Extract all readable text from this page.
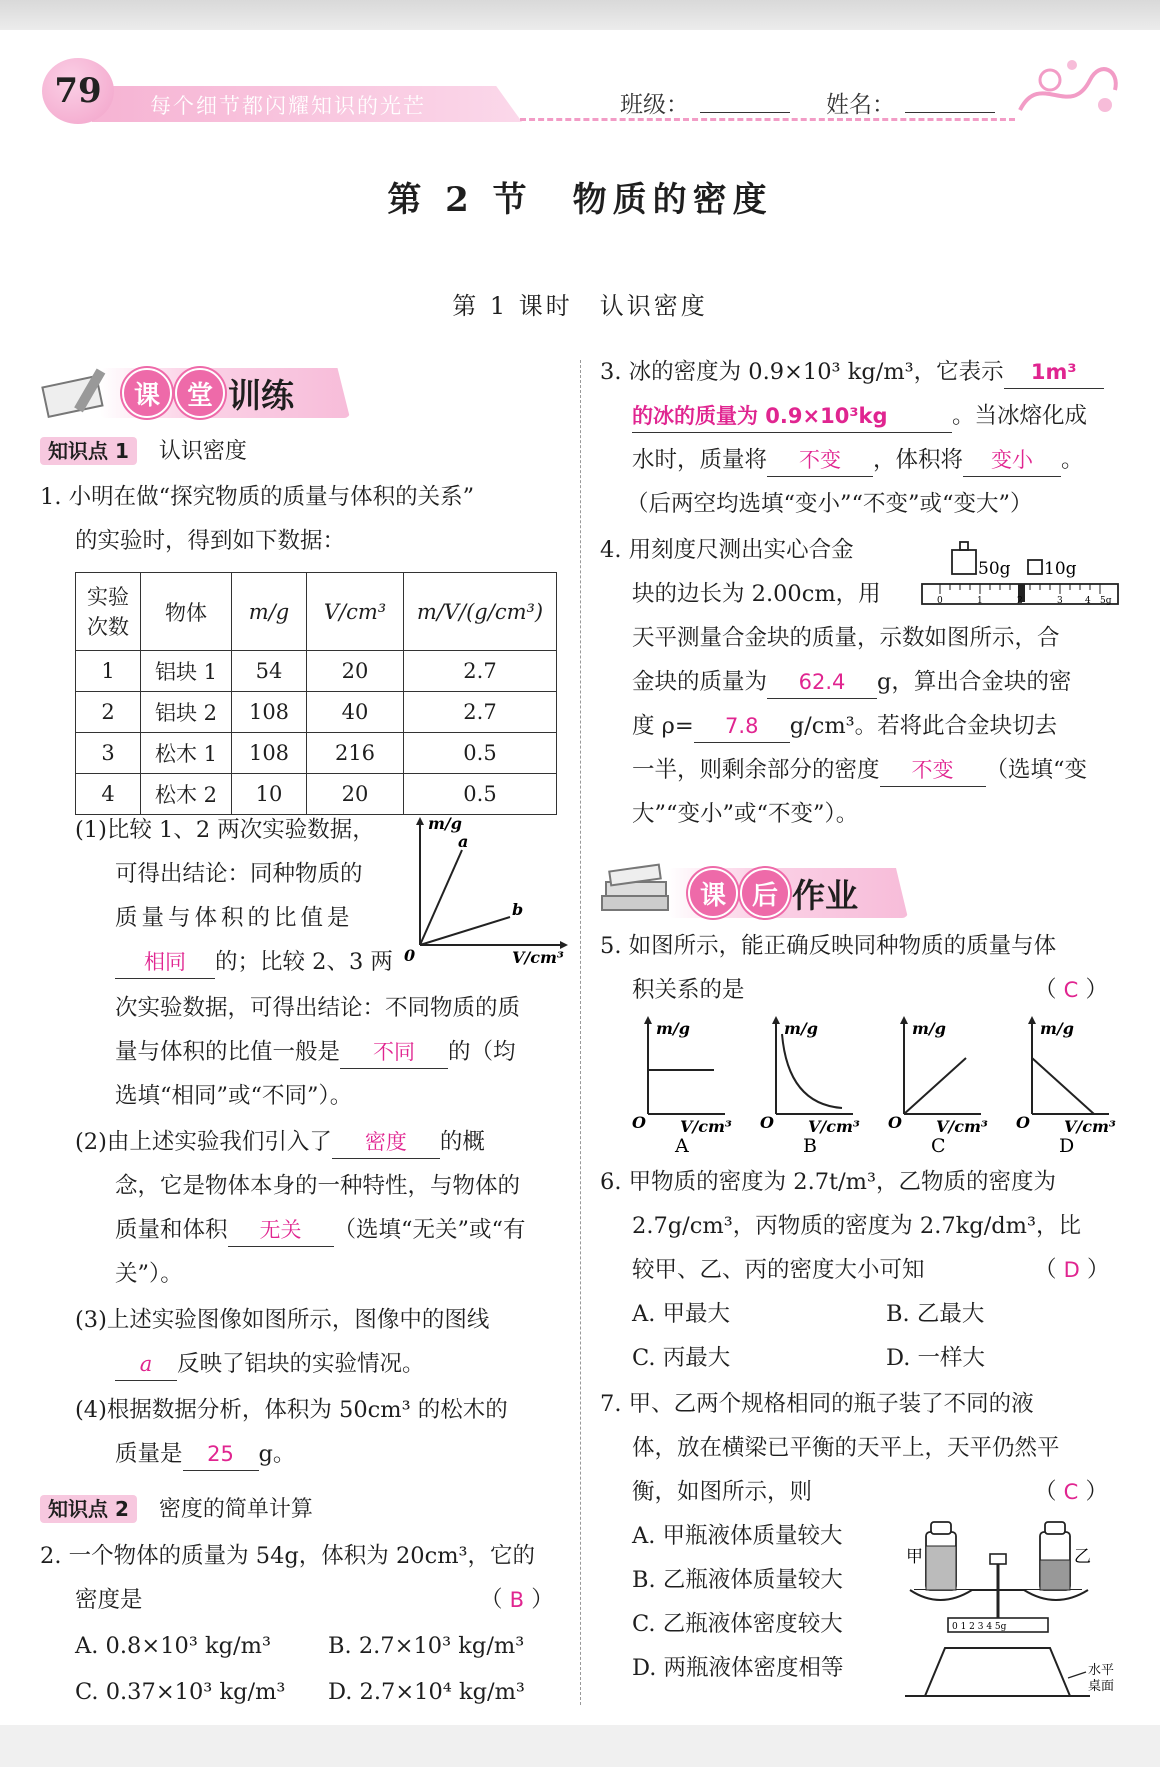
79 每个细节都闪耀知识的光芒	班级：	姓名：
第 2 节　物质的密度
第 1 课时　认识密度
课	堂 训练
知识点 1 认识密度
1. 小明在做“探究物质的质量与体积的关系”
的实验时，得到如下数据：
实验次数	物体	m/g	V/cm³	m/V/(g/cm³)
1	铝块 1	54	20	2.7
2	铝块 2	108	40	2.7
3	松木 1	108	216	0.5
4	松木 2	10	20	0.5
(1)比较 1、2 两次实验数据，
可得出结论：同种物质的
质量与体积的比值是
相同 的；比较 2、3 两
m/g
V/cm³
0
a
b
次实验数据，可得出结论：不同物质的质
量与体积的比值一般是 不同 的（均
选填“相同”或“不同”）。
(2)由上述实验我们引入了 密度 的概
念，它是物体本身的一种特性，与物体的
质量和体积 无关 （选填“无关”或“有
关”）。
(3)上述实验图像如图所示，图像中的图线
a 反映了铝块的实验情况。
(4)根据数据分析，体积为 50cm³ 的松木的
质量是 25 g。
知识点 2 密度的简单计算
2. 一个物体的质量为 54g，体积为 20cm³，它的
密度是	（ B ）
A. 0.8×10³ kg/m³	B. 2.7×10³ kg/m³
C. 0.37×10³ kg/m³ D. 2.7×10⁴ kg/m³
3. 冰的密度为 0.9×10³ kg/m³，它表示 1m³
的冰的质量为 0.9×10³kg	。当冰熔化成
水时，质量将 不变 ，体积将 变小 。
（后两空均选填“变小”“不变”或“变大”）
4. 用刻度尺测出实心合金
块的边长为 2.00cm，用
50g 10g
0	1	2	3 4 5g
天平测量合金块的质量，示数如图所示，合
金块的质量为 62.4 g，算出合金块的密
度 ρ= 7.8 g/cm³。若将此合金块切去
一半，则剩余部分的密度 不变 （选填“变
大”“变小”或“不变”）。
课 后 作业
5. 如图所示，能正确反映同种物质的质量与体
积关系的是	（ C ）
m/g
O V/cm³
A
m/g
O V/cm³
B
m/g
O V/cm³
C
m/g
O V/cm³
D
6. 甲物质的密度为 2.7t/m³，乙物质的密度为
2.7g/cm³，丙物质的密度为 2.7kg/dm³，比
较甲、乙、丙的密度大小可知	（ D ）
A. 甲最大	B. 乙最大
C. 丙最大	D. 一样大
7. 甲、乙两个规格相同的瓶子装了不同的液
体，放在横梁已平衡的天平上，天平仍然平
衡，如图所示，则	（ C ）
A. 甲瓶液体质量较大
B. 乙瓶液体质量较大
C. 乙瓶液体密度较大
D. 两瓶液体密度相等
0 1 2 3 4 5g
甲	乙
水平
桌面
